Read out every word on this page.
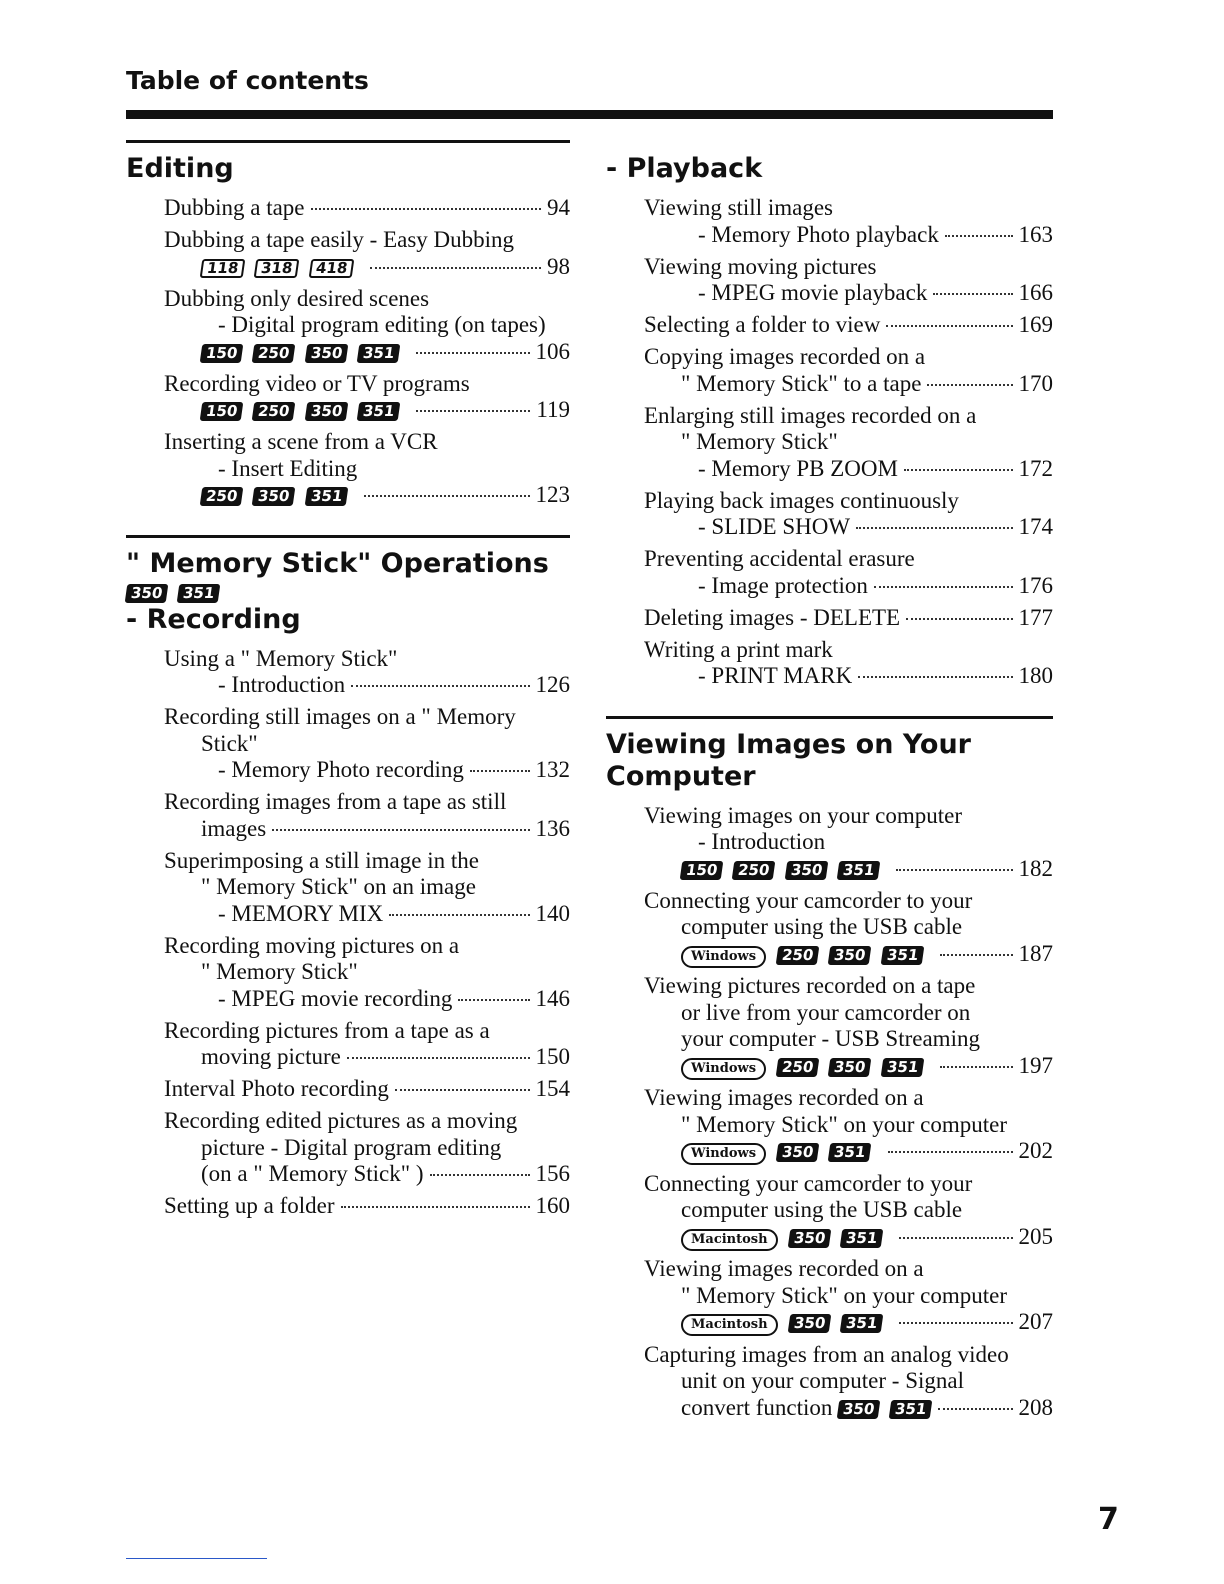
Table of contents
Editing
Dubbing a tape	94
Dubbing a tape easily - Easy Dubbing
118 318 418	98
Dubbing only desired scenes
- Digital program editing (on tapes)
150 250 350 351	106
Recording video or TV programs
150 250 350 351	119
Inserting a scene from a VCR
- Insert Editing
250 350 351	123
" Memory Stick" Operations
350 351
- Recording
Using a " Memory Stick"
- Introduction	126
Recording still images on a " Memory
Stick"
- Memory Photo recording	132
Recording images from a tape as still
images	136
Superimposing a still image in the
" Memory Stick" on an image
- MEMORY MIX	140
Recording moving pictures on a
" Memory Stick"
- MPEG movie recording	146
Recording pictures from a tape as a
moving picture	150
Interval Photo recording	154
Recording edited pictures as a moving
picture - Digital program editing
(on a " Memory Stick" )	156
Setting up a folder	160
- Playback
Viewing still images
- Memory Photo playback	163
Viewing moving pictures
- MPEG movie playback	166
Selecting a folder to view	169
Copying images recorded on a
" Memory Stick" to a tape	170
Enlarging still images recorded on a
" Memory Stick"
- Memory PB ZOOM	172
Playing back images continuously
- SLIDE SHOW	174
Preventing accidental erasure
- Image protection	176
Deleting images - DELETE	177
Writing a print mark
- PRINT MARK	180
Viewing Images on Your
Computer
Viewing images on your computer
- Introduction
150 250 350 351	182
Connecting your camcorder to your
computer using the USB cable
Windows 250 350 351	187
Viewing pictures recorded on a tape
or live from your camcorder on
your computer - USB Streaming
Windows 250 350 351	197
Viewing images recorded on a
" Memory Stick" on your computer
Windows 350 351	202
Connecting your camcorder to your
computer using the USB cable
Macintosh 350 351	205
Viewing images recorded on a
" Memory Stick" on your computer
Macintosh 350 351	207
Capturing images from an analog video
unit on your computer - Signal
convert function 350 351	208
7
